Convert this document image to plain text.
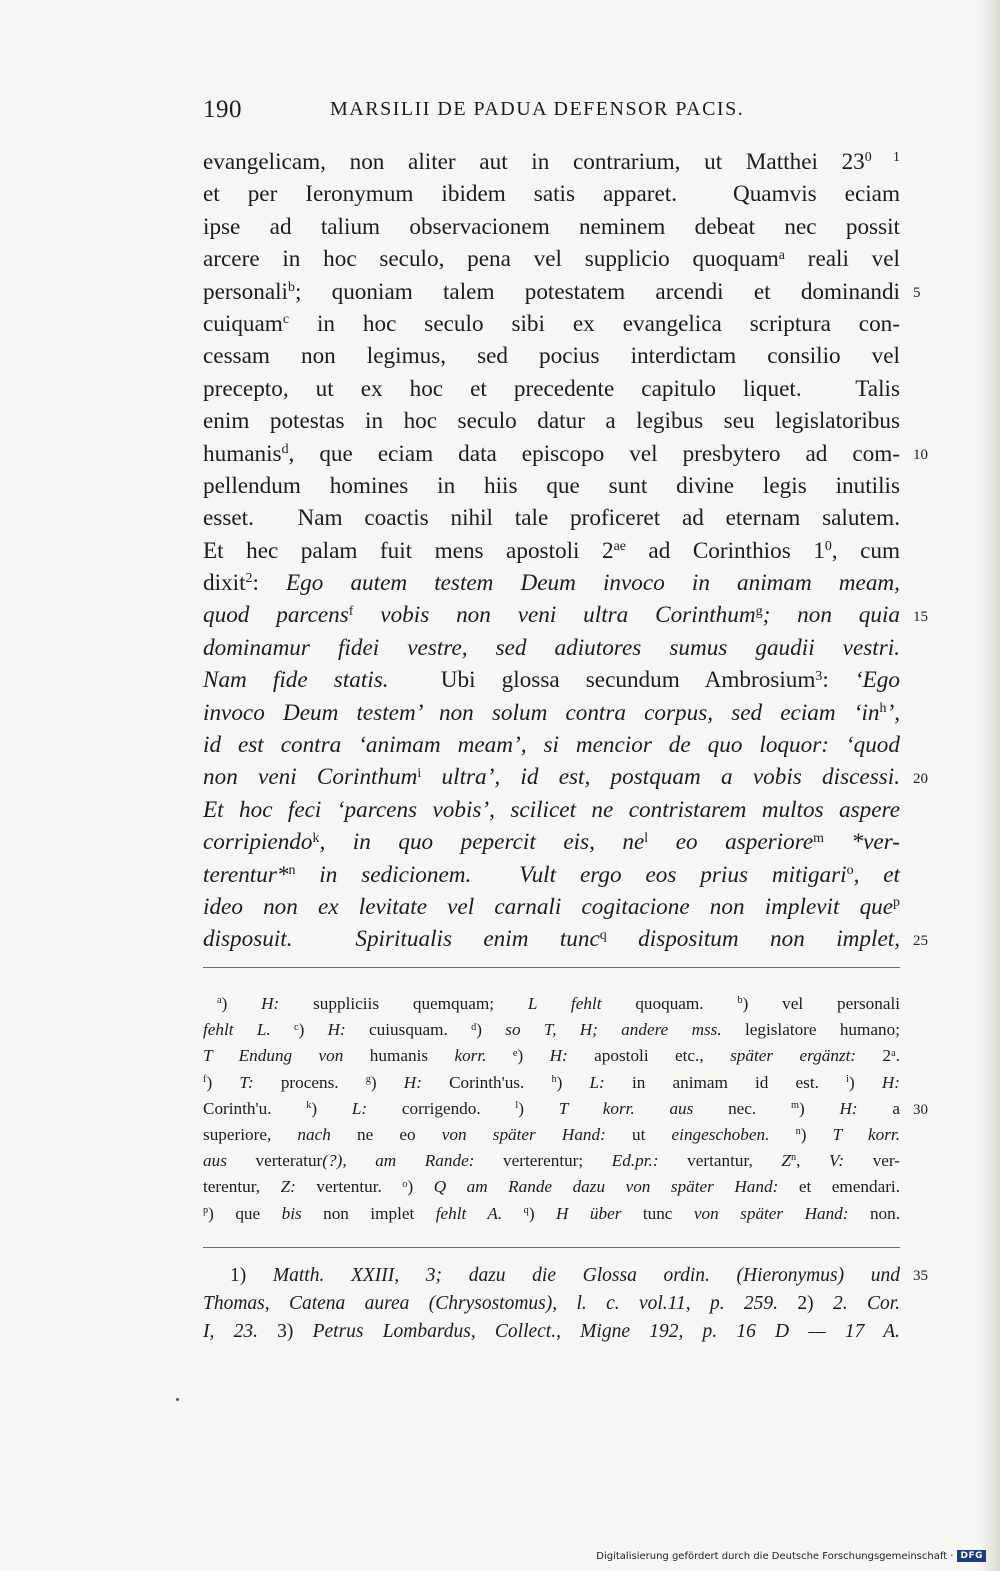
190	MARSILII DE PADUA DEFENSOR PACIS.
evangelicam, non aliter aut in contrarium, ut Matthei $23^{0 1}$
et per Ieronymum ibidem satis apparet.  Quamvis eciam
ipse ad talium observacionem neminem debeat nec possit
arcere in hoc seculo, pena vel supplicio quoquam$^a$ reali vel
personali$^b$; quoniam talem potestatem arcendi et dominandi
cuiquam$^c$ in hoc seculo sibi ex evangelica scriptura con-
cessam non legimus, sed pocius interdictam consilio vel
precepto, ut ex hoc et precedente capitulo liquet.  Talis
enim potestas in hoc seculo datur a legibus seu legislatoribus
humanis$^d$, que eciam data episcopo vel presbytero ad com-
pellendum homines in hiis que sunt divine legis inutilis
esset.  Nam coactis nihil tale proficeret ad eternam salutem.
Et hec palam fuit mens apostoli $2^{ae}$ ad Corinthios $1^0$, cum
dixit$^2$: Ego autem testem Deum invoco in animam meam,
quod parcens$^f$ vobis non veni ultra Corinthum$^g$; non quia
dominamur fidei vestre, sed adiutores sumus gaudii vestri.
Nam fide statis.  Ubi glossa secundum Ambrosium$^3$: ‘Ego
invoco Deum testem’ non solum contra corpus, sed eciam ‘$in^h$’,
id est contra ‘animam meam’, si mencior de quo loquor: ‘quod
non veni Corinthum$^i$ ultra’, id est, postquam a vobis discessi.
Et hoc feci ‘parcens vobis’, scilicet ne contristarem multos aspere
corripiendo$^k$, in quo pepercit eis, $ne^l$ eo asperiore$^m$ *ver-
terentur*$^n$ in sedicionem.  Vult ergo eos prius mitigari$^o$, et
ideo non ex levitate vel carnali cogitacione non implevit que$^p$
disposuit.  Spiritualis enim tunc$^q$ dispositum non implet,
5
10
15
20
25
30
35
$^a$) H: suppliciis quemquam; L fehlt quoquam. $^b$) vel personali
fehlt L. $^c$) H: cuiusquam. $^d$) so T, H; andere mss. legislatore humano;
T Endung von humanis korr.	$^e$) H: apostoli etc., später ergänzt: 2$^a$.
$^f$) T: procens. $^g$) H: Corinth'us. $^h$) L: in animam id est. $^i$) H:
Corinth'u. $^k$) L: corrigendo. $^l$) T korr. aus nec. $^m$) H: a
superiore, nach ne eo von später Hand: ut eingeschoben.	$^n$) T korr.
aus verteratur(?), am Rande: verterentur; Ed.pr.: vertantur, $Z^n$, V: ver-
terentur, Z: vertentur. $^o$) Q am Rande dazu von später Hand: et emendari.
$^p$) que bis non implet fehlt A. $^q$) H über tunc von später Hand: non.
1) Matth. XXIII, 3; dazu die Glossa ordin. (Hieronymus) und
Thomas, Catena aurea (Chrysostomus), l. c. vol.11, p. 259. 2) 2. Cor.
I, 23. 3) Petrus Lombardus, Collect., Migne 192, p. 16 D — 17 A.
Digitalisierung gefördert durch die Deutsche Forschungsgemeinschaft · DFG
